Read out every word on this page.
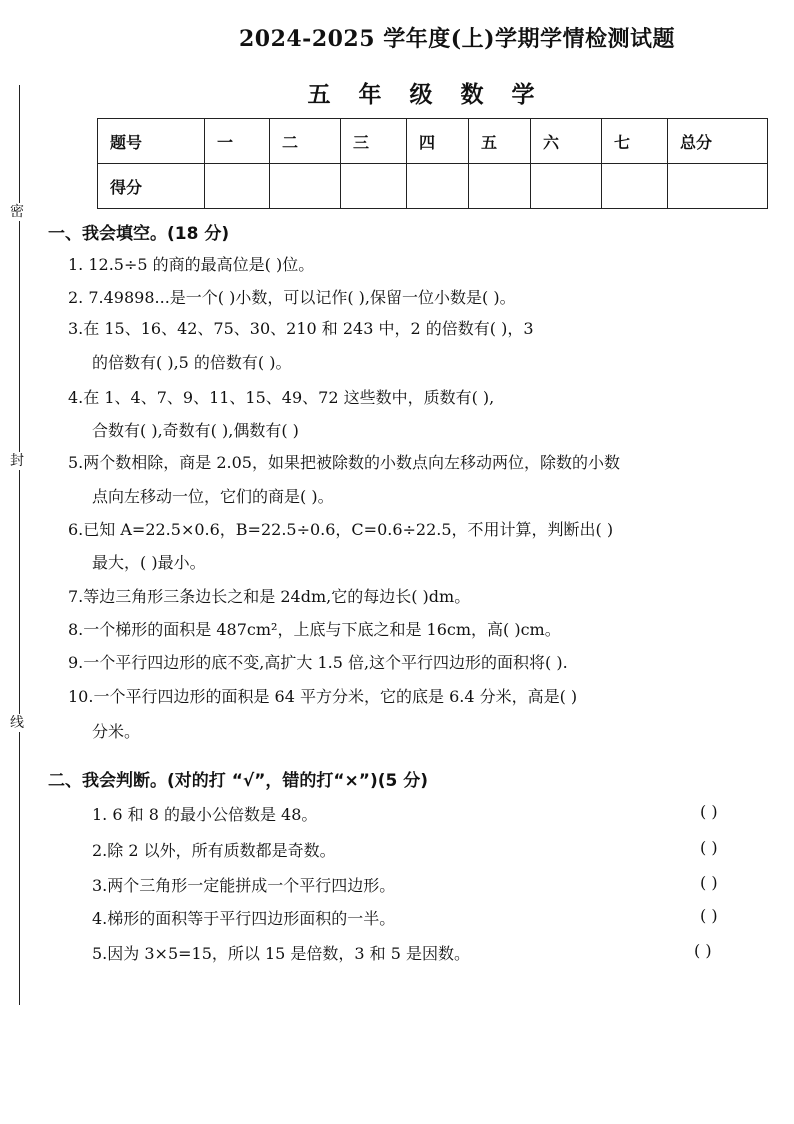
密
封
线
2024-2025 学年度(上)学期学情检测试题
五 年 级 数 学
题号	一	二	三	四	五	六	七	总分
得分								
一、我会填空。(18 分)
1. 12.5÷5 的商的最高位是( )位。
2. 7.49898...是一个( )小数，可以记作( ),保留一位小数是( )。
3.在 15、16、42、75、30、210 和 243 中，2 的倍数有( )，3
的倍数有( ),5 的倍数有( )。
4.在 1、4、7、9、11、15、49、72 这些数中，质数有( ),
合数有( ),奇数有( ),偶数有( )
5.两个数相除，商是 2.05，如果把被除数的小数点向左移动两位，除数的小数
点向左移动一位，它们的商是( )。
6.已知 A=22.5×0.6，B=22.5÷0.6，C=0.6÷22.5，不用计算，判断出( )
最大，( )最小。
7.等边三角形三条边长之和是 24dm,它的每边长( )dm。
8.一个梯形的面积是 487cm²，上底与下底之和是 16cm，高( )cm。
9.一个平行四边形的底不变,高扩大 1.5 倍,这个平行四边形的面积将( ).
10.一个平行四边形的面积是 64 平方分米，它的底是 6.4 分米，高是( )
分米。
二、我会判断。(对的打 “√”，错的打“×”)(5 分)
1. 6 和 8 的最小公倍数是 48。	( )
2.除 2 以外，所有质数都是奇数。	( )
3.两个三角形一定能拼成一个平行四边形。	( )
4.梯形的面积等于平行四边形面积的一半。	( )
5.因为 3×5=15，所以 15 是倍数，3 和 5 是因数。	( )
